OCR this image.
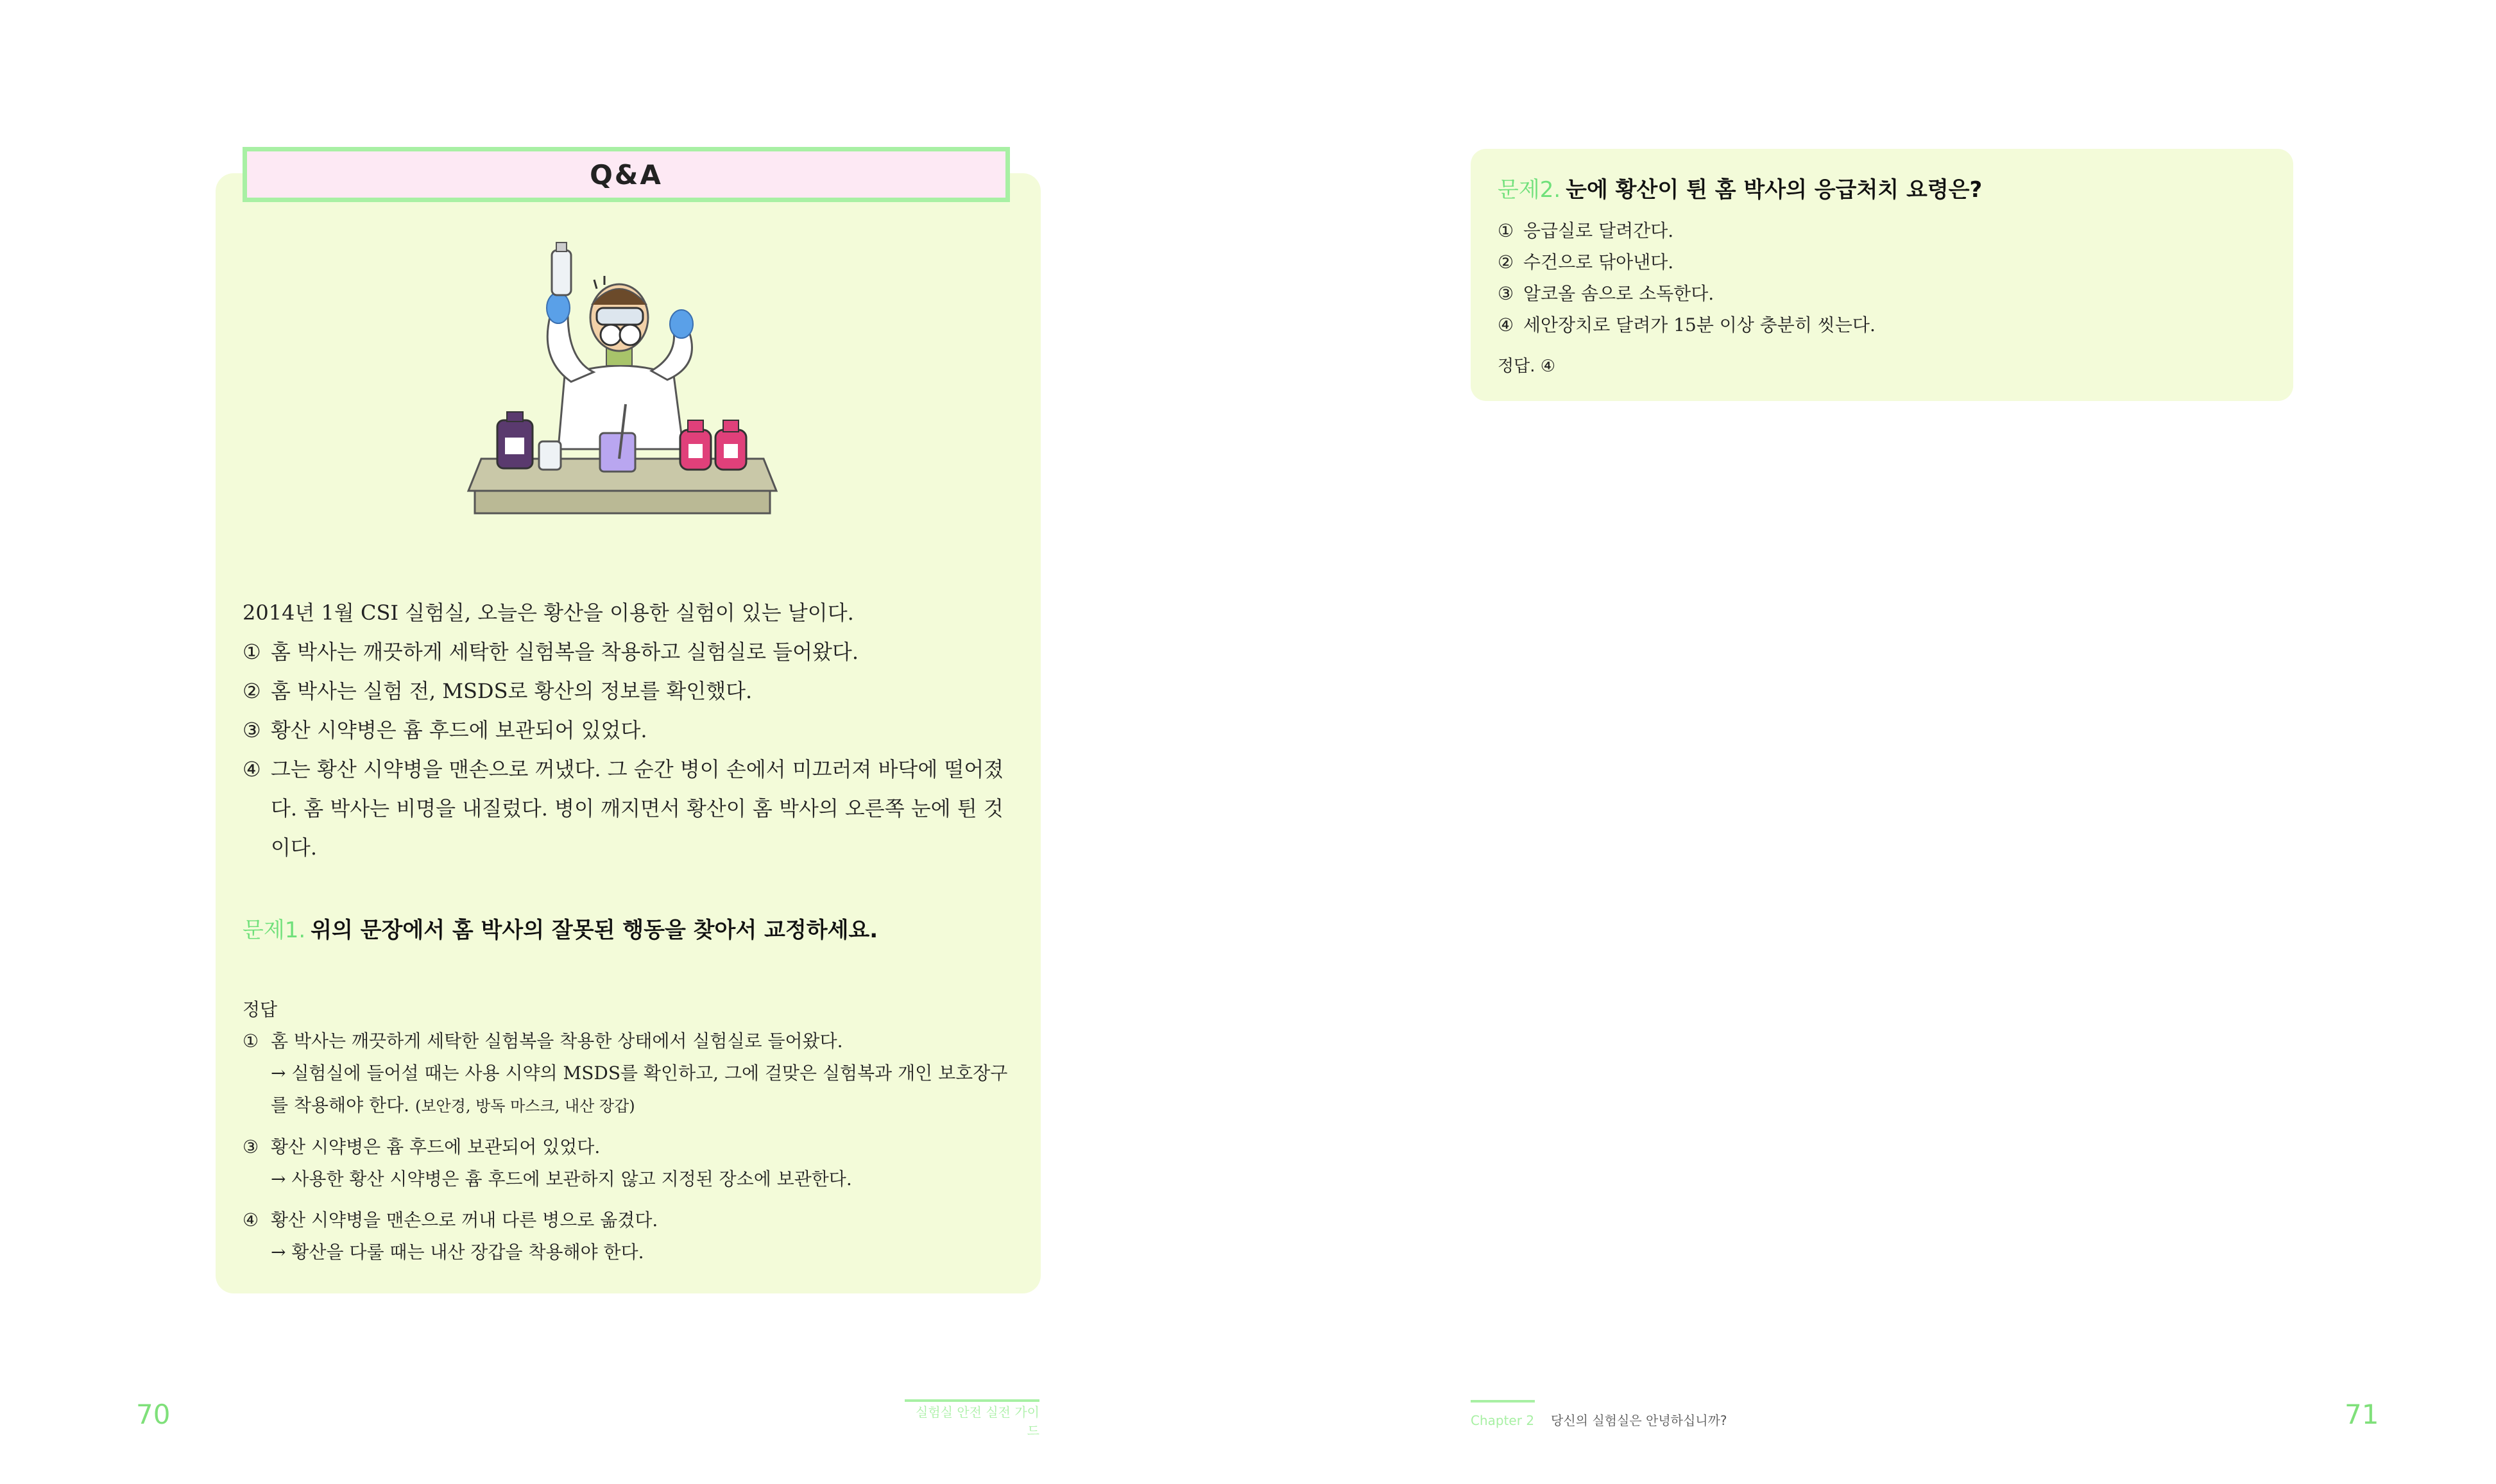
Q&A
2014년 1월 CSI 실험실, 오늘은 황산을 이용한 실험이 있는 날이다.
① 홈 박사는 깨끗하게 세탁한 실험복을 착용하고 실험실로 들어왔다.
② 홈 박사는 실험 전, MSDS로 황산의 정보를 확인했다.
③ 황산 시약병은 흄 후드에 보관되어 있었다.
④ 그는 황산 시약병을 맨손으로 꺼냈다. 그 순간 병이 손에서 미끄러져 바닥에 떨어졌다. 홈 박사는 비명을 내질렀다. 병이 깨지면서 황산이 홈 박사의 오른쪽 눈에 튄 것이다.
문제1. 위의 문장에서 홈 박사의 잘못된 행동을 찾아서 교정하세요.
정답
① 홈 박사는 깨끗하게 세탁한 실험복을 착용한 상태에서 실험실로 들어왔다.
→ 실험실에 들어설 때는 사용 시약의 MSDS를 확인하고, 그에 걸맞은 실험복과 개인 보호장구를 착용해야 한다. (보안경, 방독 마스크, 내산 장갑)
③ 황산 시약병은 흄 후드에 보관되어 있었다.
→ 사용한 황산 시약병은 흄 후드에 보관하지 않고 지정된 장소에 보관한다.
④ 황산 시약병을 맨손으로 꺼내 다른 병으로 옮겼다.
→ 황산을 다룰 때는 내산 장갑을 착용해야 한다.
70	실험실 안전 실전 가이드
문제2. 눈에 황산이 튄 홈 박사의 응급처치 요령은?
① 응급실로 달려간다.
② 수건으로 닦아낸다.
③ 알코올 솜으로 소독한다.
④ 세안장치로 달려가 15분 이상 충분히 씻는다.
정답. ④
Chapter 2 당신의 실험실은 안녕하십니까?	71
